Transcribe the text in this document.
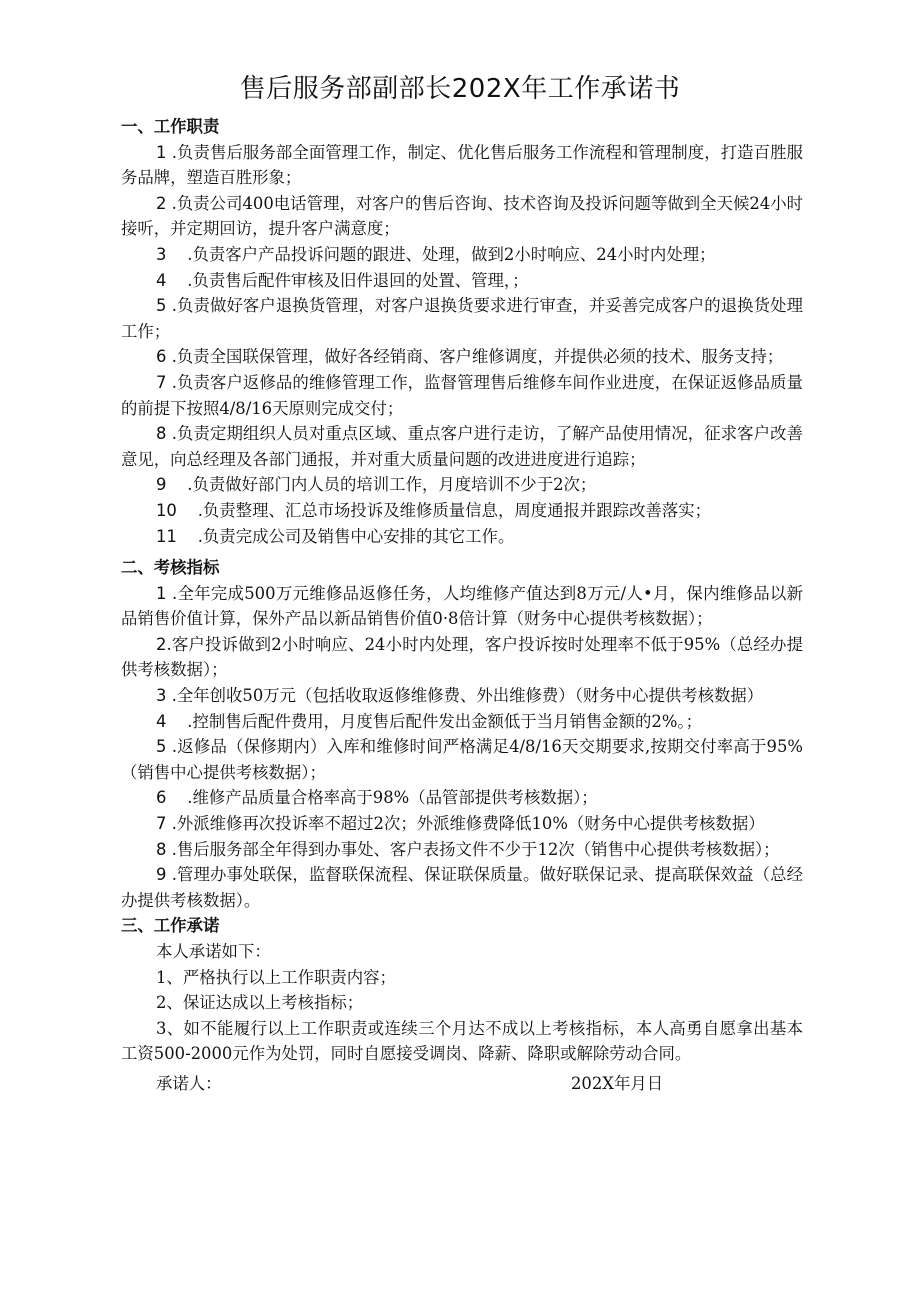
售后服务部副部长202X年工作承诺书
一、工作职责
1 .负责售后服务部全面管理工作，制定、优化售后服务工作流程和管理制度，打造百胜服务品牌，塑造百胜形象；
2 .负责公司400电话管理，对客户的售后咨询、技术咨询及投诉问题等做到全天候24小时接听，并定期回访，提升客户满意度；
3    .负责客户产品投诉问题的跟进、处理，做到2小时响应、24小时内处理；
4    .负责售后配件审核及旧件退回的处置、管理，；
5 .负责做好客户退换货管理，对客户退换货要求进行审查，并妥善完成客户的退换货处理工作；
6 .负责全国联保管理，做好各经销商、客户维修调度，并提供必须的技术、服务支持；
7 .负责客户返修品的维修管理工作，监督管理售后维修车间作业进度，在保证返修品质量的前提下按照4/8/16天原则完成交付；
8 .负责定期组织人员对重点区域、重点客户进行走访，了解产品使用情况，征求客户改善意见，向总经理及各部门通报，并对重大质量问题的改进进度进行追踪；
9    .负责做好部门内人员的培训工作，月度培训不少于2次；
10    .负责整理、汇总市场投诉及维修质量信息，周度通报并跟踪改善落实；
11    .负责完成公司及销售中心安排的其它工作。
二、考核指标
1 .全年完成500万元维修品返修任务，人均维修产值达到8万元/人•月，保内维修品以新品销售价值计算，保外产品以新品销售价值0·8倍计算（财务中心提供考核数据）；
2.客户投诉做到2小时响应、24小时内处理，客户投诉按时处理率不低于95%（总经办提供考核数据）；
3 .全年创收50万元（包括收取返修维修费、外出维修费）（财务中心提供考核数据）
4    .控制售后配件费用，月度售后配件发出金额低于当月销售金额的2%。；
5 .返修品（保修期内）入库和维修时间严格满足4/8/16天交期要求,按期交付率高于95%（销售中心提供考核数据）；
6    .维修产品质量合格率高于98%（品管部提供考核数据）；
7 .外派维修再次投诉率不超过2次；外派维修费降低10%（财务中心提供考核数据）
8 .售后服务部全年得到办事处、客户表扬文件不少于12次（销售中心提供考核数据）；
9 .管理办事处联保，监督联保流程、保证联保质量。做好联保记录、提高联保效益（总经办提供考核数据）。
三、工作承诺
本人承诺如下：
1、严格执行以上工作职责内容；
2、保证达成以上考核指标；
3、如不能履行以上工作职责或连续三个月达不成以上考核指标，本人高勇自愿拿出基本工资500-2000元作为处罚，同时自愿接受调岗、降薪、降职或解除劳动合同。
承诺人：	202X年月日
